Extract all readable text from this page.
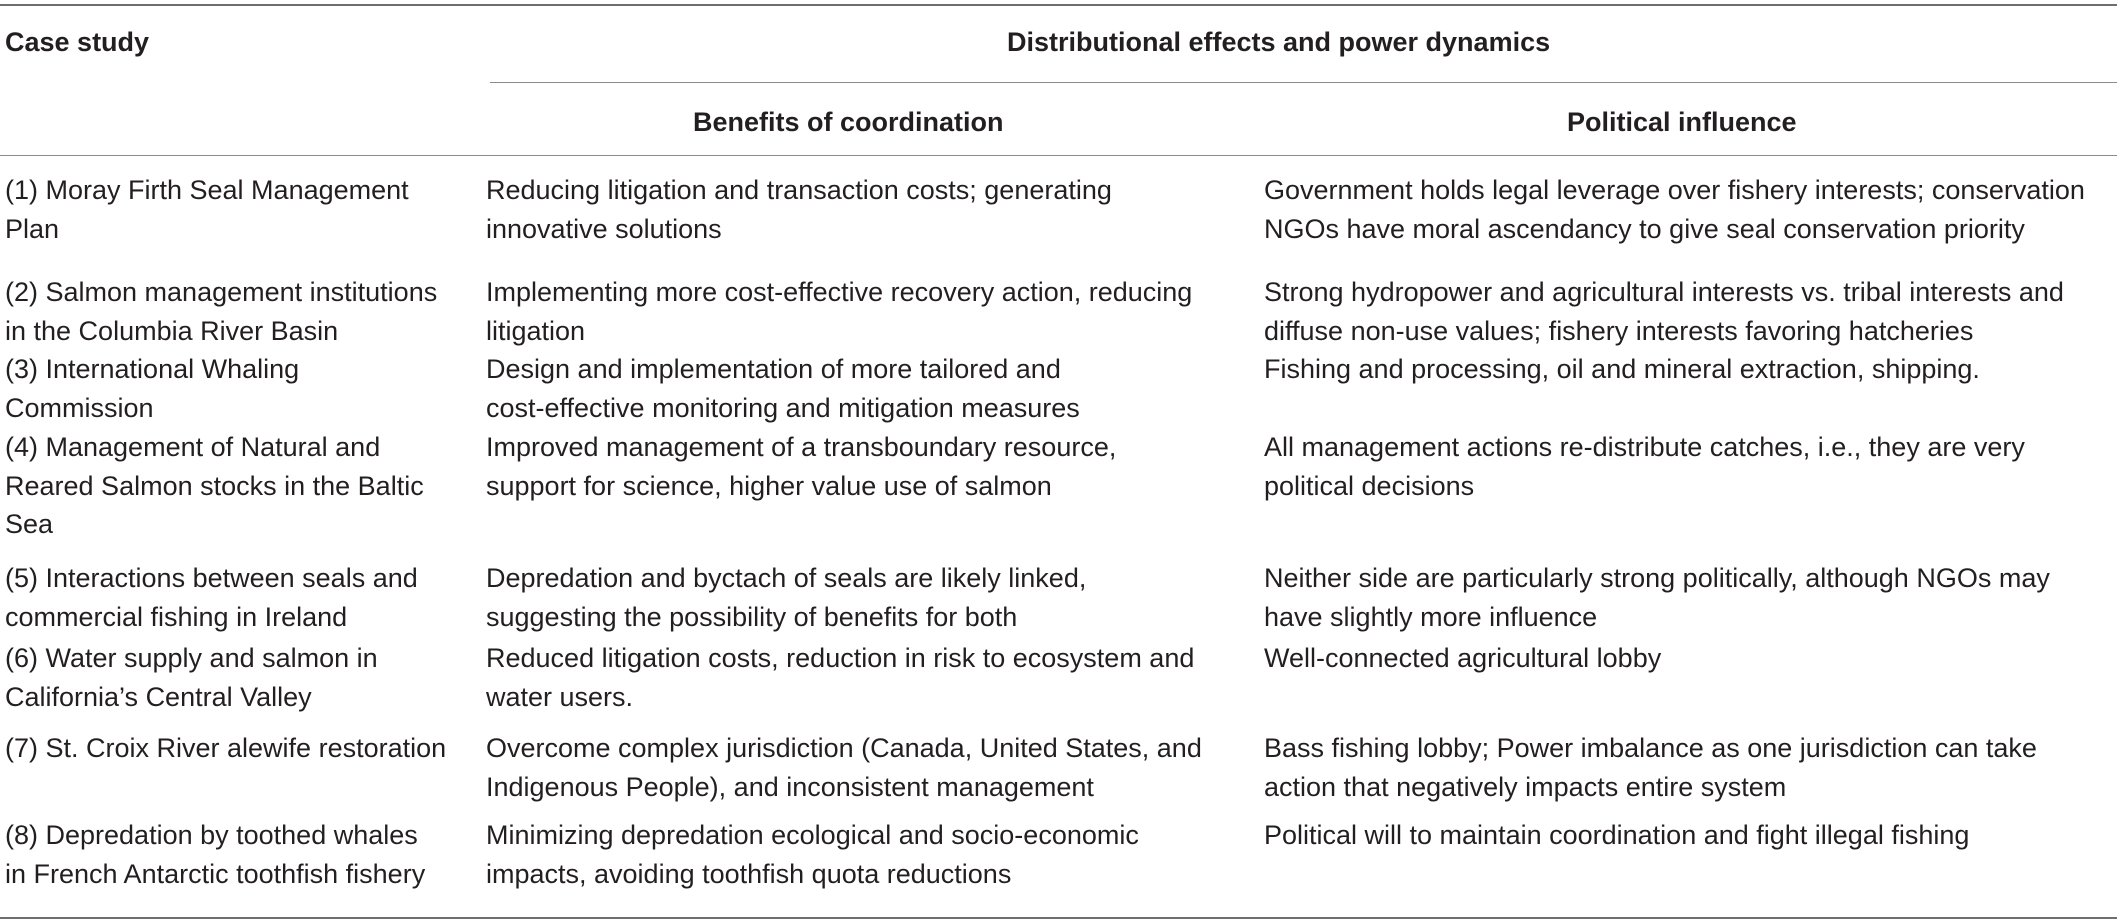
Case study	Distributional effects and power dynamics
Benefits of coordination	Political influence
(1) Moray Firth Seal Management
Plan
Reducing litigation and transaction costs; generating
innovative solutions
Government holds legal leverage over fishery interests; conservation
NGOs have moral ascendancy to give seal conservation priority
(2) Salmon management institutions
in the Columbia River Basin
Implementing more cost-effective recovery action, reducing
litigation
Strong hydropower and agricultural interests vs. tribal interests and
diffuse non-use values; fishery interests favoring hatcheries
(3) International Whaling
Commission
Design and implementation of more tailored and
cost-effective monitoring and mitigation measures
Fishing and processing, oil and mineral extraction, shipping.
(4) Management of Natural and
Reared Salmon stocks in the Baltic
Sea
Improved management of a transboundary resource,
support for science, higher value use of salmon
All management actions re-distribute catches, i.e., they are very
political decisions
(5) Interactions between seals and
commercial fishing in Ireland
Depredation and byctach of seals are likely linked,
suggesting the possibility of benefits for both
Neither side are particularly strong politically, although NGOs may
have slightly more influence
(6) Water supply and salmon in
California’s Central Valley
Reduced litigation costs, reduction in risk to ecosystem and
water users.
Well-connected agricultural lobby
(7) St. Croix River alewife restoration Overcome complex jurisdiction (Canada, United States, and
Indigenous People), and inconsistent management
Bass fishing lobby; Power imbalance as one jurisdiction can take
action that negatively impacts entire system
(8) Depredation by toothed whales
in French Antarctic toothfish fishery
Minimizing depredation ecological and socio-economic
impacts, avoiding toothfish quota reductions
Political will to maintain coordination and fight illegal fishing
